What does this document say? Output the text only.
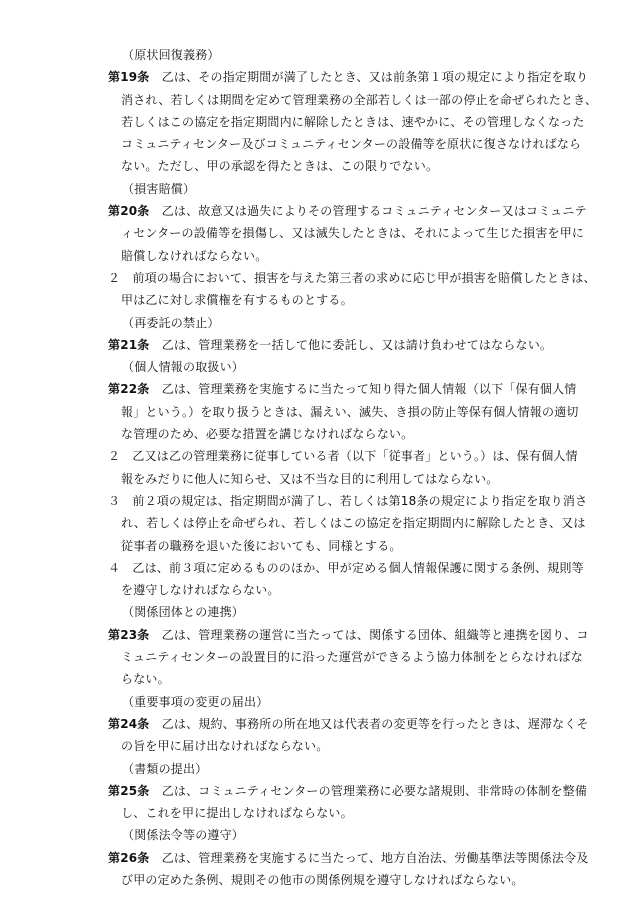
（原状回復義務）
第19条　乙は、その指定期間が満了したとき、又は前条第１項の規定により指定を取り
消され、若しくは期間を定めて管理業務の全部若しくは一部の停止を命ぜられたとき、
若しくはこの協定を指定期間内に解除したときは、速やかに、その管理しなくなった
コミュニティセンター及びコミュニティセンターの設備等を原状に復さなければなら
ない。ただし、甲の承認を得たときは、この限りでない。
（損害賠償）
第20条　乙は、故意又は過失によりその管理するコミュニティセンター又はコミュニテ
ィセンターの設備等を損傷し、又は滅失したときは、それによって生じた損害を甲に
賠償しなければならない。
２　前項の場合において、損害を与えた第三者の求めに応じ甲が損害を賠償したときは、
甲は乙に対し求償権を有するものとする。
（再委託の禁止）
第21条　乙は、管理業務を一括して他に委託し、又は請け負わせてはならない。
（個人情報の取扱い）
第22条　乙は、管理業務を実施するに当たって知り得た個人情報（以下「保有個人情
報」という。）を取り扱うときは、漏えい、滅失、き損の防止等保有個人情報の適切
な管理のため、必要な措置を講じなければならない。
２　乙又は乙の管理業務に従事している者（以下「従事者」という。）は、保有個人情
報をみだりに他人に知らせ、又は不当な目的に利用してはならない。
３　前２項の規定は、指定期間が満了し、若しくは第18条の規定により指定を取り消さ
れ、若しくは停止を命ぜられ、若しくはこの協定を指定期間内に解除したとき、又は
従事者の職務を退いた後においても、同様とする。
４　乙は、前３項に定めるもののほか、甲が定める個人情報保護に関する条例、規則等
を遵守しなければならない。
（関係団体との連携）
第23条　乙は、管理業務の運営に当たっては、関係する団体、組織等と連携を図り、コ
ミュニティセンターの設置目的に沿った運営ができるよう協力体制をとらなければな
らない。
（重要事項の変更の届出）
第24条　乙は、規約、事務所の所在地又は代表者の変更等を行ったときは、遅滞なくそ
の旨を甲に届け出なければならない。
（書類の提出）
第25条　乙は、コミュニティセンターの管理業務に必要な諸規則、非常時の体制を整備
し、これを甲に提出しなければならない。
（関係法令等の遵守）
第26条　乙は、管理業務を実施するに当たって、地方自治法、労働基準法等関係法令及
び甲の定めた条例、規則その他市の関係例規を遵守しなければならない。
